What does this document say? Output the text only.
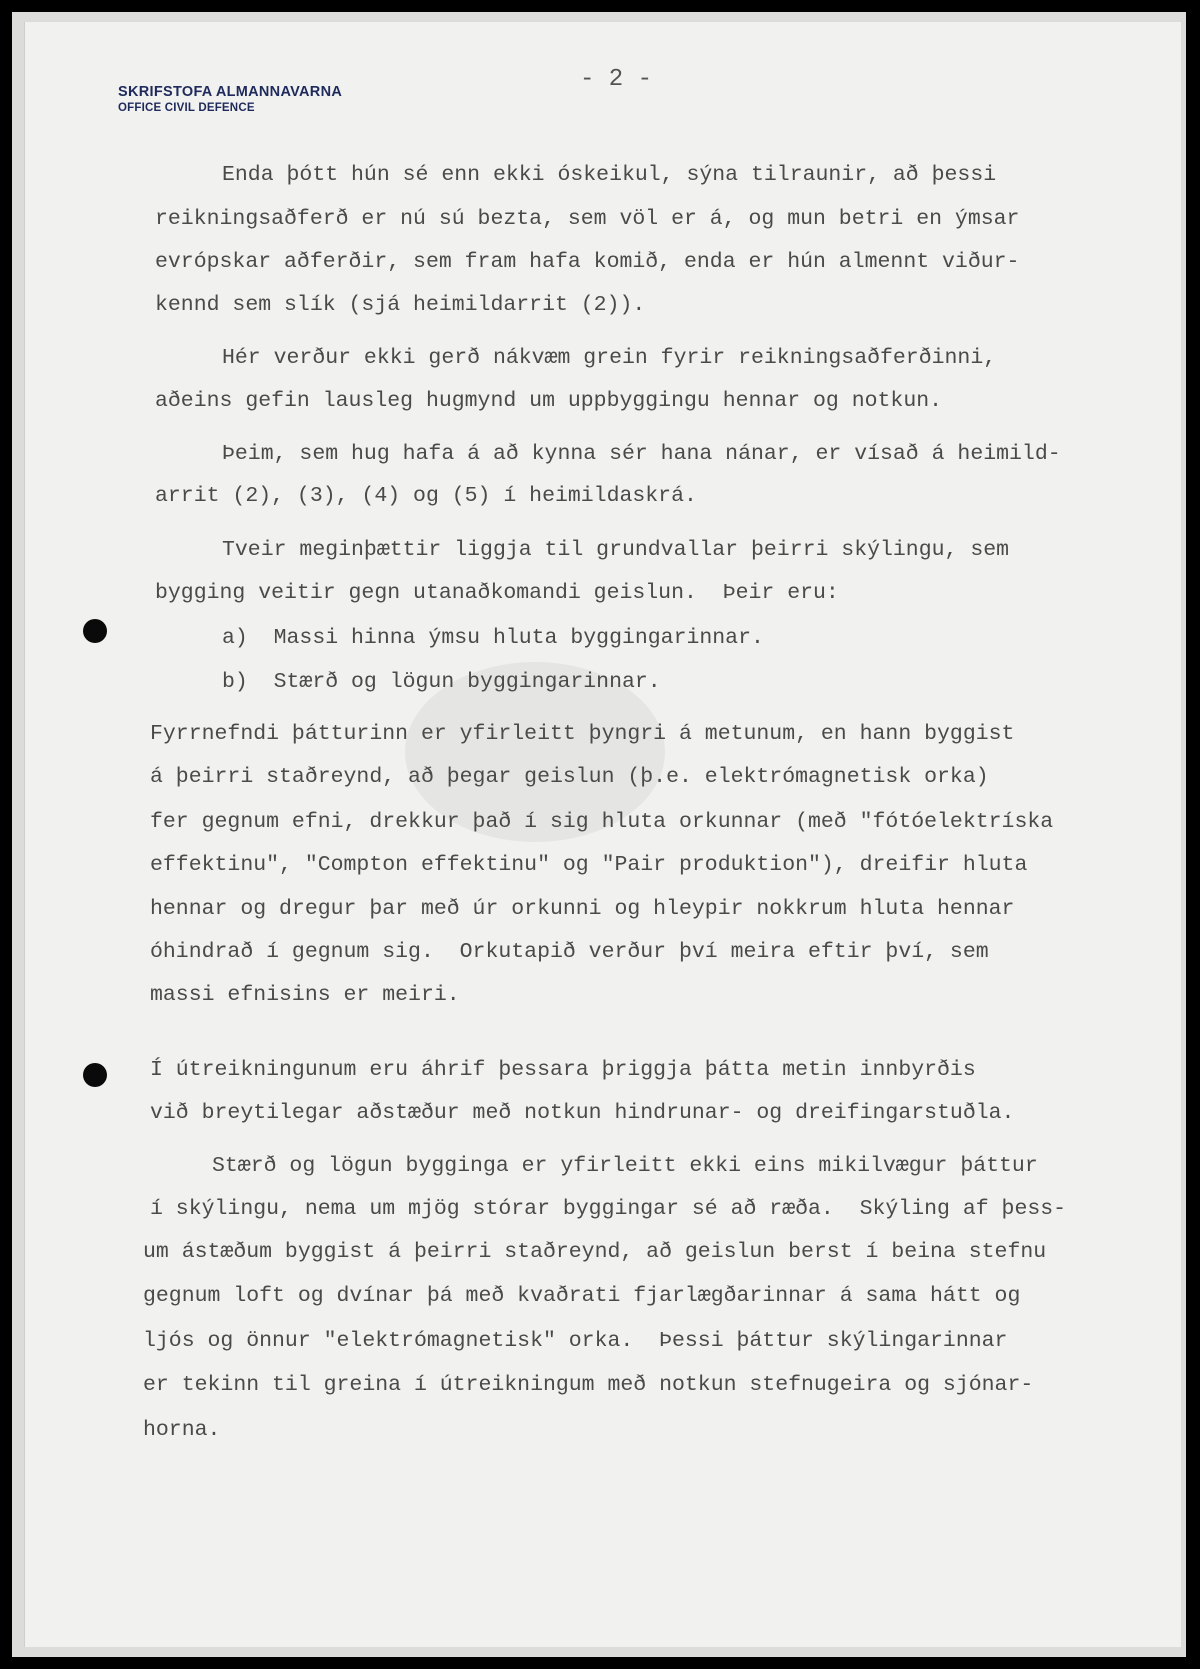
SKRIFSTOFA ALMANNAVARNA
OFFICE CIVIL DEFENCE
- 2 -

Enda þótt hún sé enn ekki óskeikul, sýna tilraunir, að þessi

reikningsaðferð er nú sú bezta, sem völ er á, og mun betri en ýmsar

evrópskar aðferðir, sem fram hafa komið, enda er hún almennt viður-

kennd sem slík (sjá heimildarrit (2)).

Hér verður ekki gerð nákvæm grein fyrir reikningsaðferðinni,

aðeins gefin lausleg hugmynd um uppbyggingu hennar og notkun.

Þeim, sem hug hafa á að kynna sér hana nánar, er vísað á heimild-

arrit (2), (3), (4) og (5) í heimildaskrá.

Tveir meginþættir liggja til grundvallar þeirri skýlingu, sem

bygging veitir gegn utanaðkomandi geislun.  Þeir eru:

a)  Massi hinna ýmsu hluta byggingarinnar.

b)  Stærð og lögun byggingarinnar.

Fyrrnefndi þátturinn er yfirleitt þyngri á metunum, en hann byggist

á þeirri staðreynd, að þegar geislun (þ.e. elektrómagnetisk orka)

fer gegnum efni, drekkur það í sig hluta orkunnar (með "fótóelektríska

effektinu", "Compton effektinu" og "Pair produktion"), dreifir hluta

hennar og dregur þar með úr orkunni og hleypir nokkrum hluta hennar

óhindrað í gegnum sig.  Orkutapið verður því meira eftir því, sem

massi efnisins er meiri.

Í útreikningunum eru áhrif þessara þriggja þátta metin innbyrðis

við breytilegar aðstæður með notkun hindrunar- og dreifingarstuðla.

Stærð og lögun bygginga er yfirleitt ekki eins mikilvægur þáttur

í skýlingu, nema um mjög stórar byggingar sé að ræða.  Skýling af þess-

um ástæðum byggist á þeirri staðreynd, að geislun berst í beina stefnu

gegnum loft og dvínar þá með kvaðrati fjarlægðarinnar á sama hátt og

ljós og önnur "elektrómagnetisk" orka.  Þessi þáttur skýlingarinnar

er tekinn til greina í útreikningum með notkun stefnugeira og sjónar-

horna.
